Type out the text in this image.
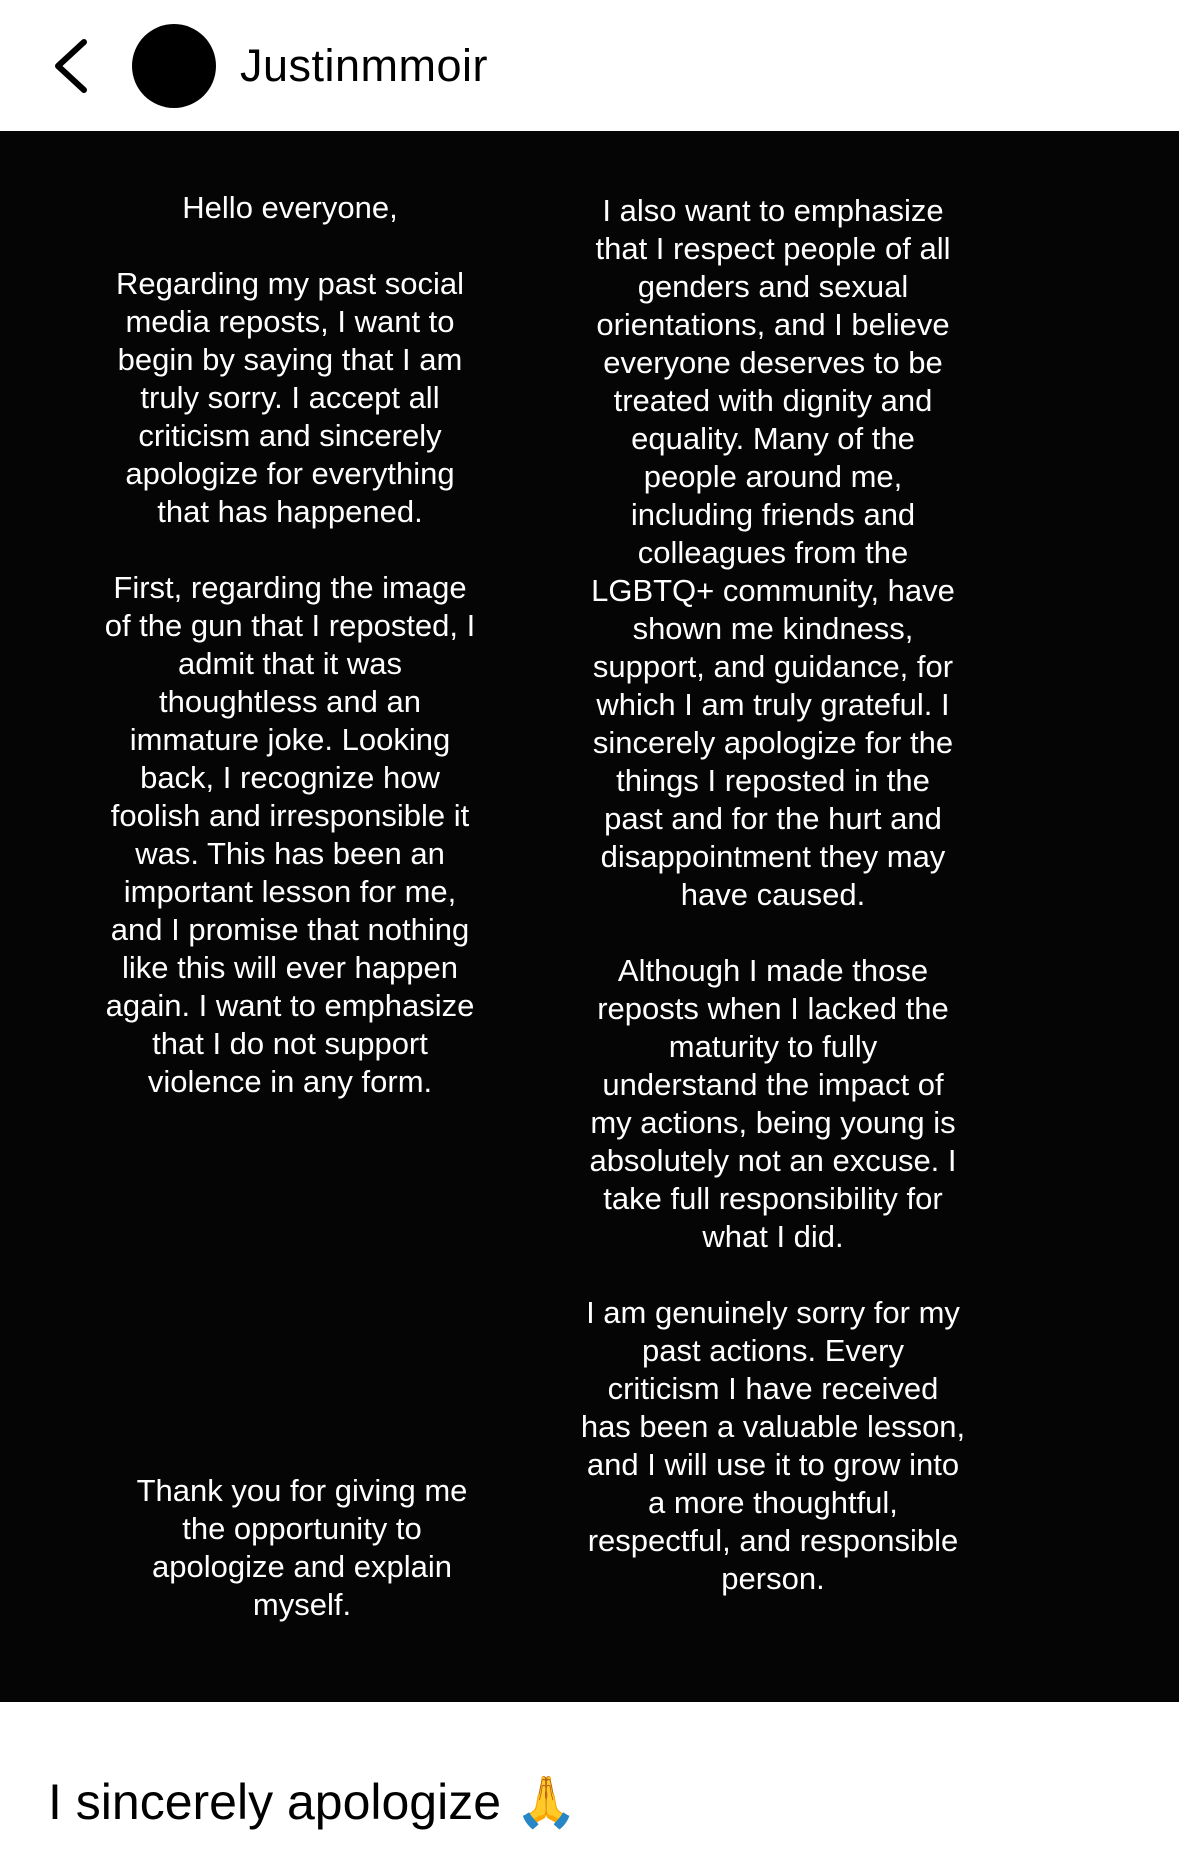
Justinmmoir
Hello everyone,

Regarding my past social
media reposts, I want to
begin by saying that I am
truly sorry. I accept all
criticism and sincerely
apologize for everything
that has happened.

First, regarding the image
of the gun that I reposted, I
admit that it was
thoughtless and an
immature joke. Looking
back, I recognize how
foolish and irresponsible it
was. This has been an
important lesson for me,
and I promise that nothing
like this will ever happen
again. I want to emphasize
that I do not support
violence in any form.
Thank you for giving me
the opportunity to
apologize and explain
myself.
I also want to emphasize
that I respect people of all
genders and sexual
orientations, and I believe
everyone deserves to be
treated with dignity and
equality. Many of the
people around me,
including friends and
colleagues from the
LGBTQ+ community, have
shown me kindness,
support, and guidance, for
which I am truly grateful. I
sincerely apologize for the
things I reposted in the
past and for the hurt and
disappointment they may
have caused.

Although I made those
reposts when I lacked the
maturity to fully
understand the impact of
my actions, being young is
absolutely not an excuse. I
take full responsibility for
what I did.

I am genuinely sorry for my
past actions. Every
criticism I have received
has been a valuable lesson,
and I will use it to grow into
a more thoughtful,
respectful, and responsible
person.
I sincerely apologize 🙏
